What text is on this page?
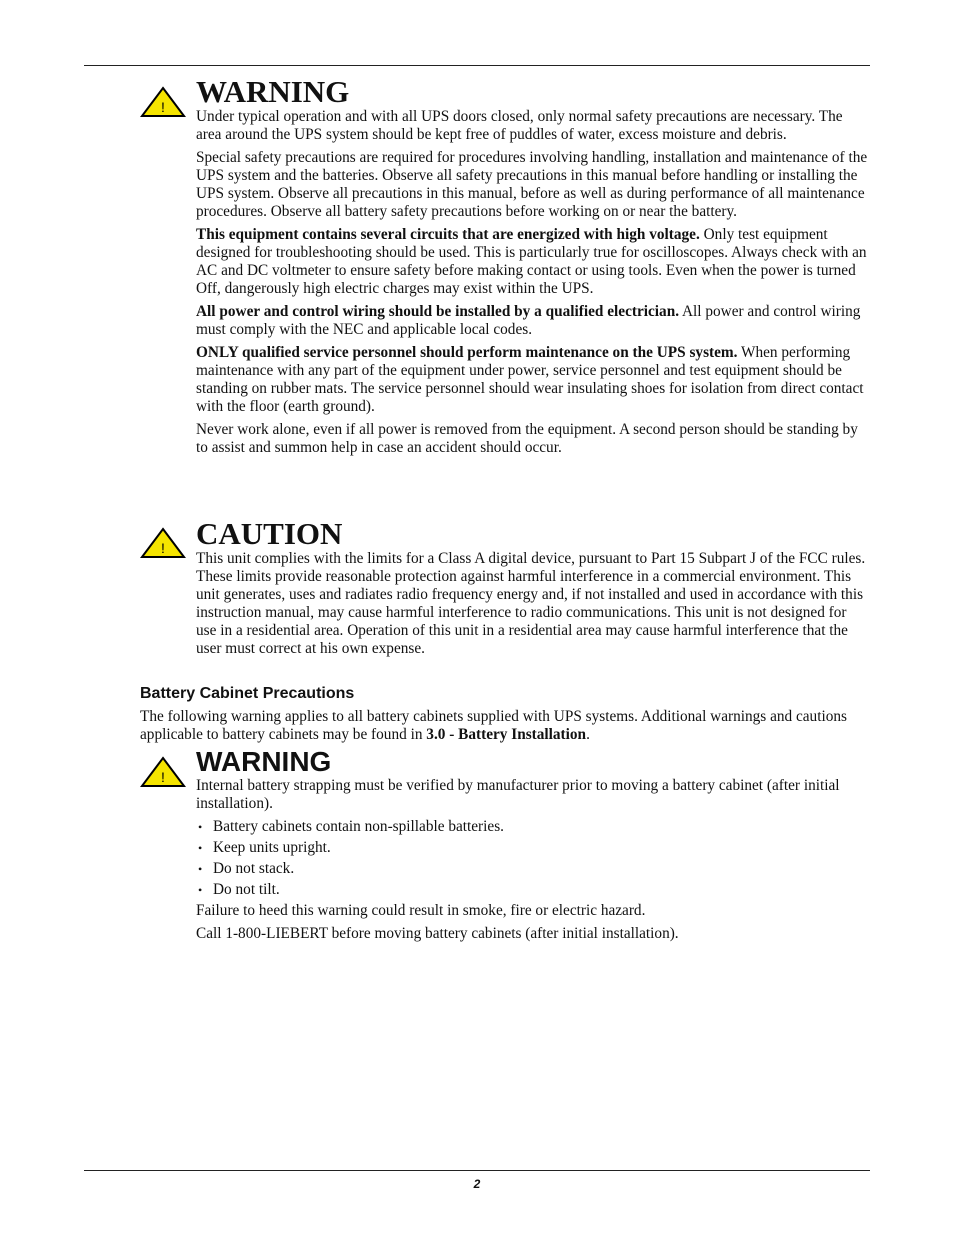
! WARNING

Under typical operation and with all UPS doors closed, only normal safety precautions are necessary. The area around the UPS system should be kept free of puddles of water, excess moisture and debris.

Special safety precautions are required for procedures involving handling, installation and maintenance of the UPS system and the batteries. Observe all safety precautions in this manual before handling or installing the UPS system. Observe all precautions in this manual, before as well as during performance of all maintenance procedures. Observe all battery safety precautions before working on or near the battery.

This equipment contains several circuits that are energized with high voltage. Only test equipment designed for troubleshooting should be used. This is particularly true for oscilloscopes. Always check with an AC and DC voltmeter to ensure safety before making contact or using tools. Even when the power is turned Off, dangerously high electric charges may exist within the UPS.

All power and control wiring should be installed by a qualified electrician. All power and control wiring must comply with the NEC and applicable local codes.

ONLY qualified service personnel should perform maintenance on the UPS system. When performing maintenance with any part of the equipment under power, service personnel and test equipment should be standing on rubber mats. The service personnel should wear insulating shoes for isolation from direct contact with the floor (earth ground).

Never work alone, even if all power is removed from the equipment. A second person should be standing by to assist and summon help in case an accident should occur.

! CAUTION

This unit complies with the limits for a Class A digital device, pursuant to Part 15 Subpart J of the FCC rules. These limits provide reasonable protection against harmful interference in a commercial environment. This unit generates, uses and radiates radio frequency energy and, if not installed and used in accordance with this instruction manual, may cause harmful interference to radio communications. This unit is not designed for use in a residential area. Operation of this unit in a residential area may cause harmful interference that the user must correct at his own expense.

Battery Cabinet Precautions

The following warning applies to all battery cabinets supplied with UPS systems. Additional warnings and cautions applicable to battery cabinets may be found in 3.0 - Battery Installation.

! WARNING

Internal battery strapping must be verified by manufacturer prior to moving a battery cabinet (after initial installation).

• Battery cabinets contain non-spillable batteries.
• Keep units upright.
• Do not stack.
• Do not tilt.

Failure to heed this warning could result in smoke, fire or electric hazard.

Call 1-800-LIEBERT before moving battery cabinets (after initial installation).

2
